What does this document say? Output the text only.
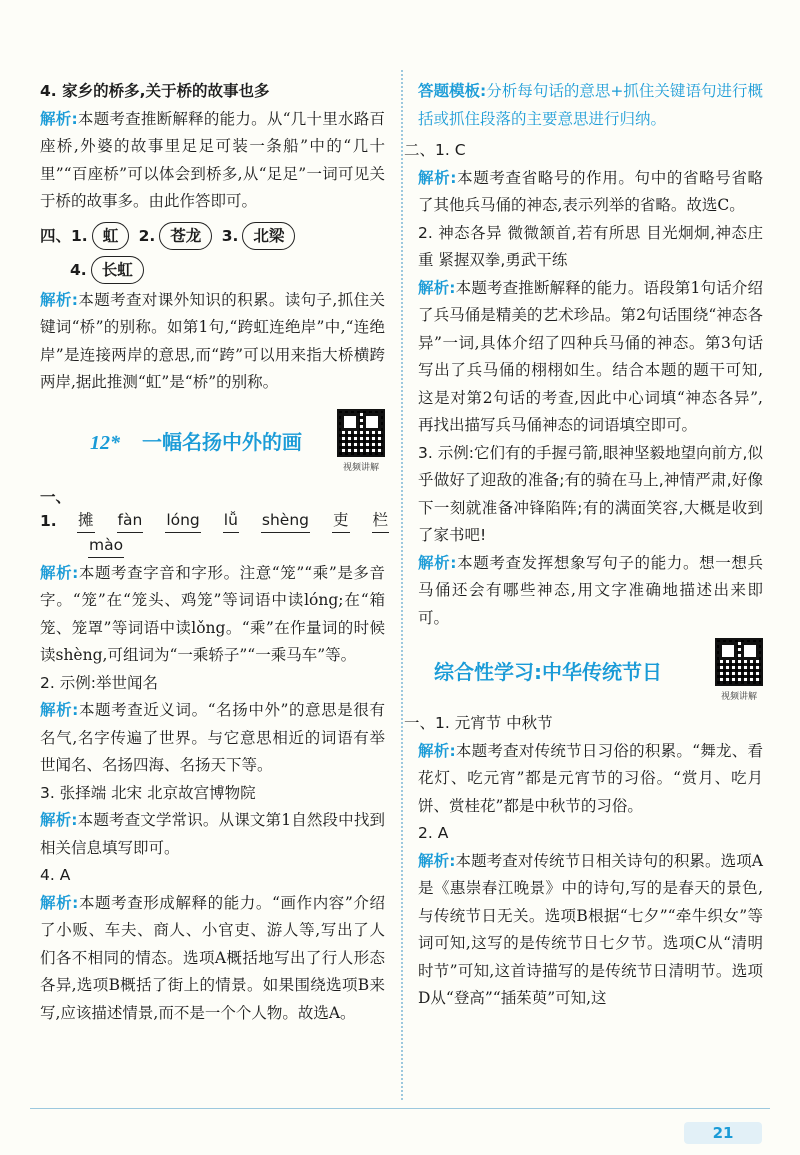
4. 家乡的桥多,关于桥的故事也多

解析:本题考查推断解释的能力。从“几十里水路百座桥,外婆的故事里足足可装一条船”中的“几十里”“百座桥”可以体会到桥多,从“足足”一词可见关于桥的故事多。由此作答即可。

四、1. 虹 2. 苍龙 3. 北梁

4. 长虹

解析:本题考查对课外知识的积累。读句子,抓住关键词“桥”的别称。如第1句,“跨虹连绝岸”中,“连绝岸”是连接两岸的意思,而“跨”可以用来指大桥横跨两岸,据此推测“虹”是“桥”的别称。

12* 一幅名扬中外的画
视频讲解
一、1.	摊 fàn lóng lǚ shèng 吏 栏
mào

解析:本题考查字音和字形。注意“笼”“乘”是多音字。“笼”在“笼头、鸡笼”等词语中读lóng;在“箱笼、笼罩”等词语中读lǒng。“乘”在作量词的时候读shèng,可组词为“一乘轿子”“一乘马车”等。

2. 示例:举世闻名

解析:本题考查近义词。“名扬中外”的意思是很有名气,名字传遍了世界。与它意思相近的词语有举世闻名、名扬四海、名扬天下等。

3. 张择端 北宋 北京故宫博物院

解析:本题考查文学常识。从课文第1自然段中找到相关信息填写即可。

4. A

解析:本题考查形成解释的能力。“画作内容”介绍了小贩、车夫、商人、小官吏、游人等,写出了人们各不相同的情态。选项A概括地写出了行人形态各异,选项B概括了街上的情景。如果围绕选项B来写,应该描述情景,而不是一个个人物。故选A。

答题模板:分析每句话的意思+抓住关键语句进行概括或抓住段落的主要意思进行归纳。

二、1. C

解析:本题考查省略号的作用。句中的省略号省略了其他兵马俑的神态,表示列举的省略。故选C。

2. 神态各异 微微颔首,若有所思 目光炯炯,神态庄重 紧握双拳,勇武干练

解析:本题考查推断解释的能力。语段第1句话介绍了兵马俑是精美的艺术珍品。第2句话围绕“神态各异”一词,具体介绍了四种兵马俑的神态。第3句话写出了兵马俑的栩栩如生。结合本题的题干可知,这是对第2句话的考查,因此中心词填“神态各异”,再找出描写兵马俑神态的词语填空即可。

3. 示例:它们有的手握弓箭,眼神坚毅地望向前方,似乎做好了迎敌的准备;有的骑在马上,神情严肃,好像下一刻就准备冲锋陷阵;有的满面笑容,大概是收到了家书吧!

解析:本题考查发挥想象写句子的能力。想一想兵马俑还会有哪些神态,用文字准确地描述出来即可。

综合性学习:中华传统节日
视频讲解

一、1. 元宵节 中秋节

解析:本题考查对传统节日习俗的积累。“舞龙、看花灯、吃元宵”都是元宵节的习俗。“赏月、吃月饼、赏桂花”都是中秋节的习俗。

2. A

解析:本题考查对传统节日相关诗句的积累。选项A是《惠崇春江晚景》中的诗句,写的是春天的景色,与传统节日无关。选项B根据“七夕”“牵牛织女”等词可知,这写的是传统节日七夕节。选项C从“清明时节”可知,这首诗描写的是传统节日清明节。选项D从“登高”“插茱萸”可知,这

21
